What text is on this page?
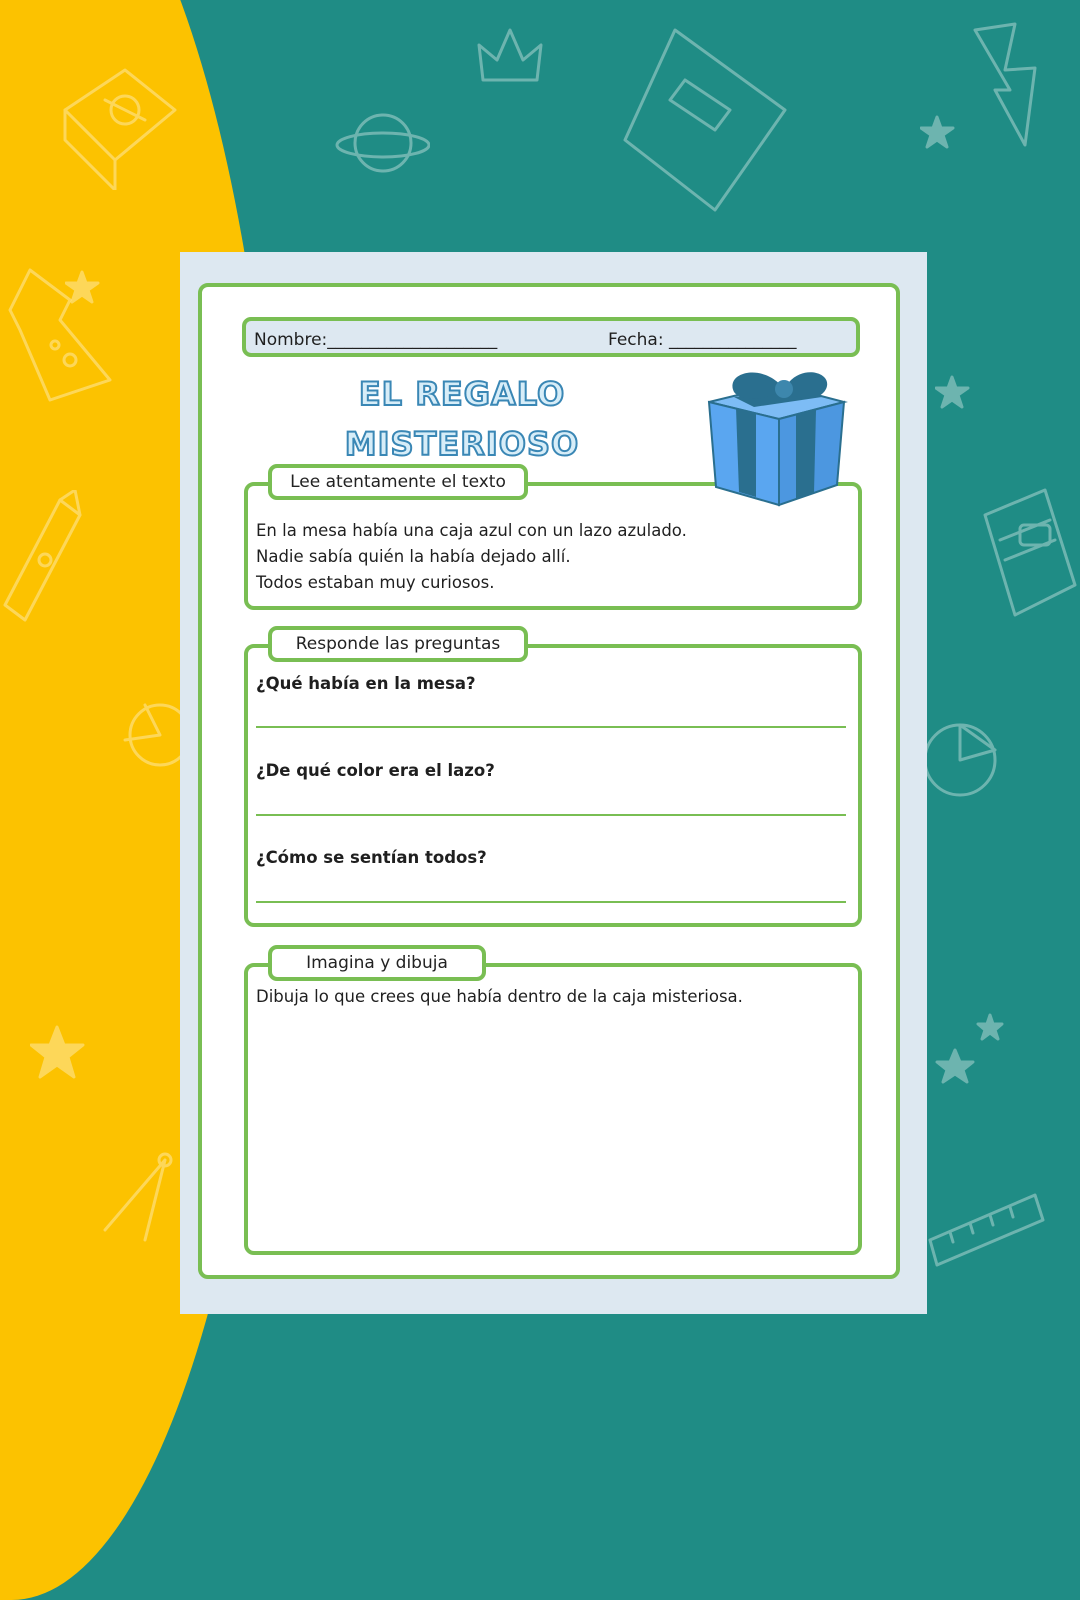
Nombre:____________________	Fecha: _______________
EL REGALO
MISTERIOSO
Lee atentamente el texto
En la mesa había una caja azul con un lazo azulado.
Nadie sabía quién la había dejado allí.
Todos estaban muy curiosos.
Responde las preguntas
¿Qué había en la mesa?
¿De qué color era el lazo?
¿Cómo se sentían todos?
Imagina y dibuja
Dibuja lo que crees que había dentro de la caja misteriosa.
